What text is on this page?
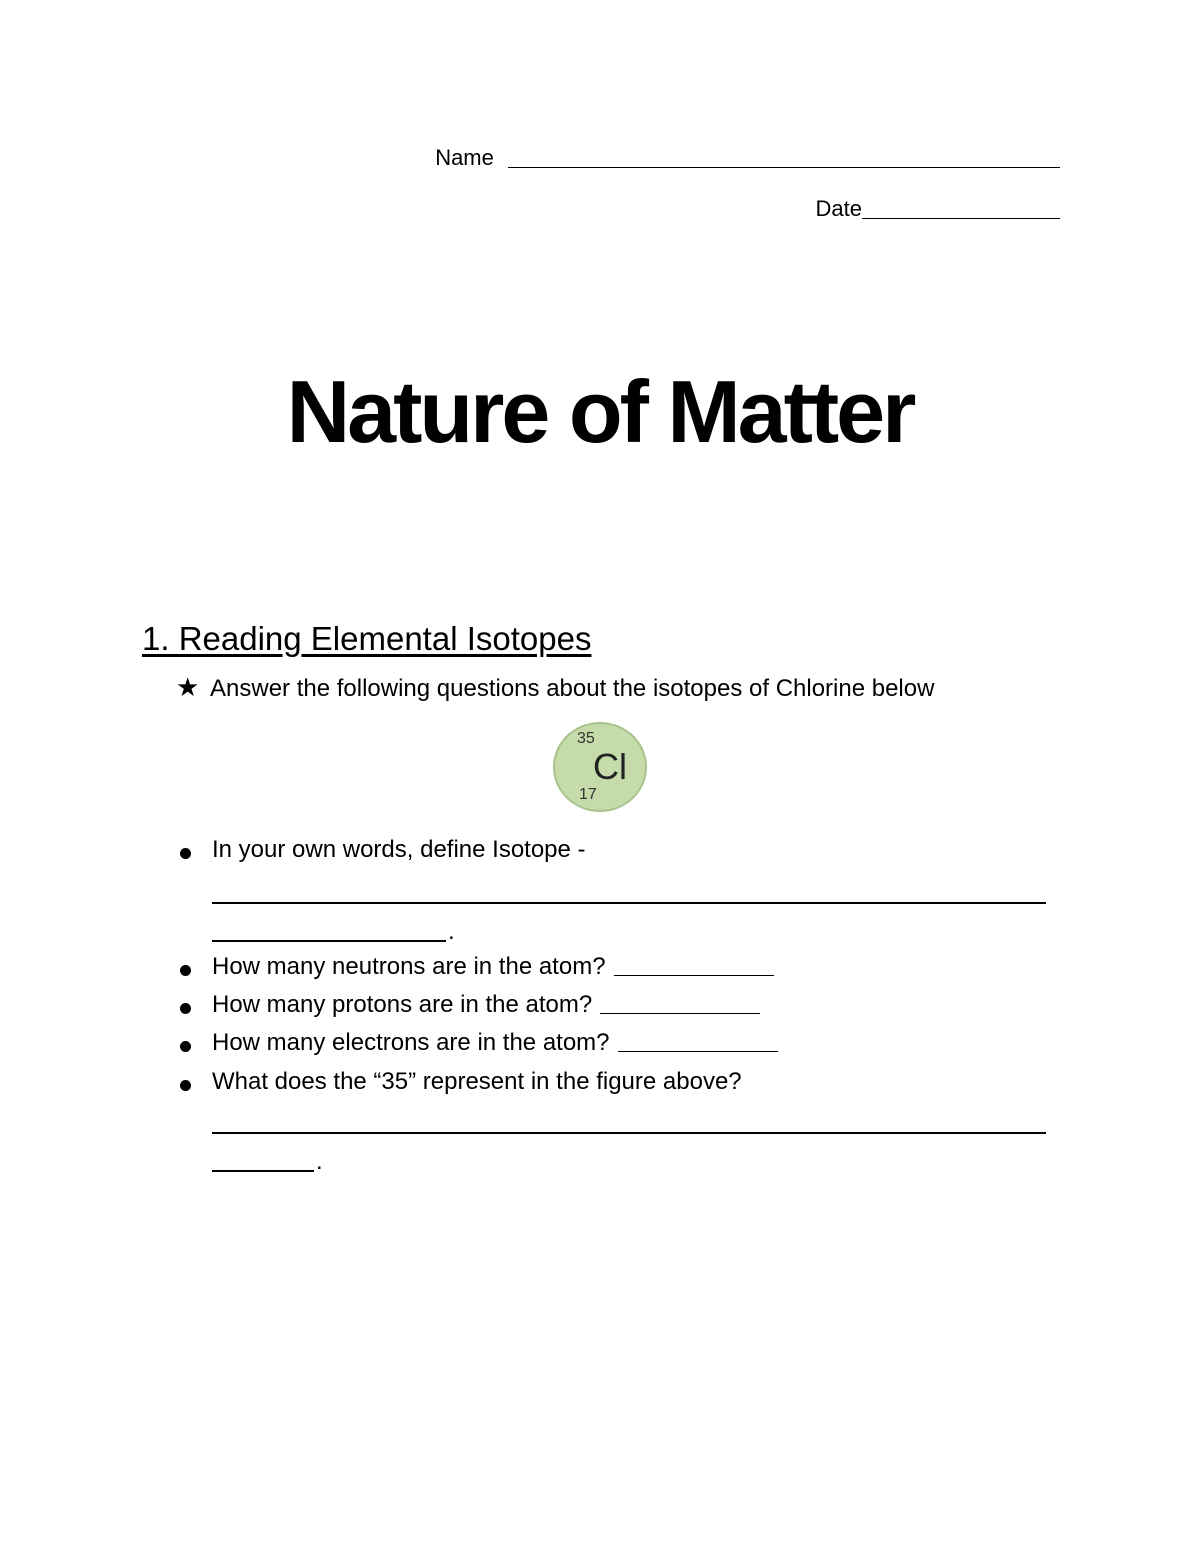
Name
Date
Nature of Matter
1. Reading Elemental Isotopes
★ Answer the following questions about the isotopes of Chlorine below
35
Cl
17
In your own words, define Isotope -
How many neutrons are in the atom?
How many protons are in the atom?
How many electrons are in the atom?
What does the “35” represent in the figure above?
.
.
